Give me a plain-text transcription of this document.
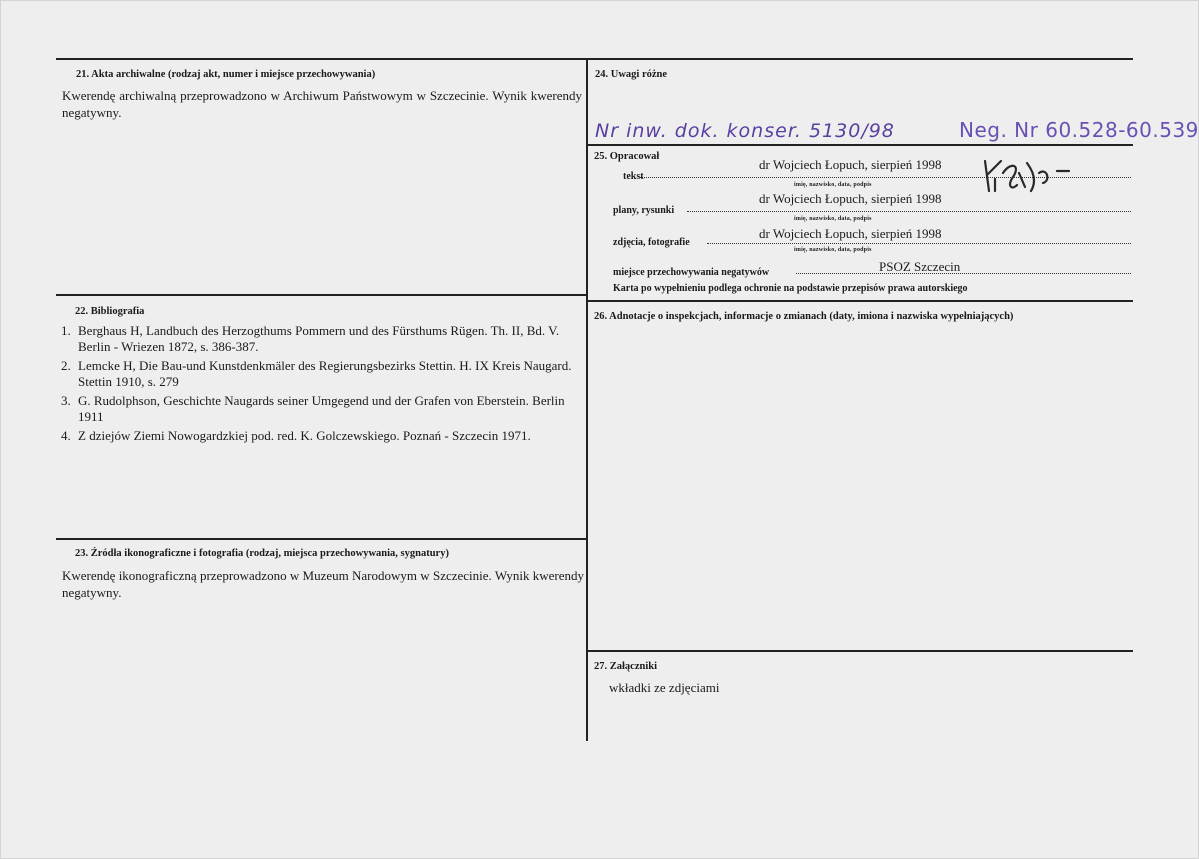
21. Akta archiwalne (rodzaj akt, numer i miejsce przechowywania)
Kwerendę archiwalną przeprowadzono w Archiwum Państwowym w Szczecinie. Wynik kwerendy negatywny.
22. Bibliografia
1. Berghaus H, Landbuch des Herzogthums Pommern und des Fürsthums Rügen. Th. II, Bd. V. Berlin - Wriezen 1872, s. 386-387.
2. Lemcke H, Die Bau-und Kunstdenkmäler des Regierungsbezirks Stettin. H. IX Kreis Naugard. Stettin 1910, s. 279
3. G. Rudolphson, Geschichte Naugards seiner Umgegend und der Grafen von Eberstein. Berlin 1911
4. Z dziejów Ziemi Nowogardzkiej pod. red. K. Golczewskiego. Poznań - Szczecin 1971.
23. Źródła ikonograficzne i fotografia (rodzaj, miejsca przechowywania, sygnatury)
Kwerendę ikonograficzną przeprowadzono w Muzeum Narodowym w Szczecinie. Wynik kwerendy negatywny.
24. Uwagi różne
Nr inw. dok. konser. 5130/98	Neg. Nr 60.528-60.539
25. Opracował
tekst
dr Wojciech Łopuch, sierpień 1998
imię, nazwisko, data, podpis
plany, rysunki
dr Wojciech Łopuch, sierpień 1998
imię, nazwisko, data, podpis
zdjęcia, fotografie
dr Wojciech Łopuch, sierpień 1998
imię, nazwisko, data, podpis
miejsce przechowywania negatywów	PSOZ Szczecin
Karta po wypełnieniu podlega ochronie na podstawie przepisów prawa autorskiego
26. Adnotacje o inspekcjach, informacje o zmianach (daty, imiona i nazwiska wypełniających)
27. Załączniki
wkładki ze zdjęciami
